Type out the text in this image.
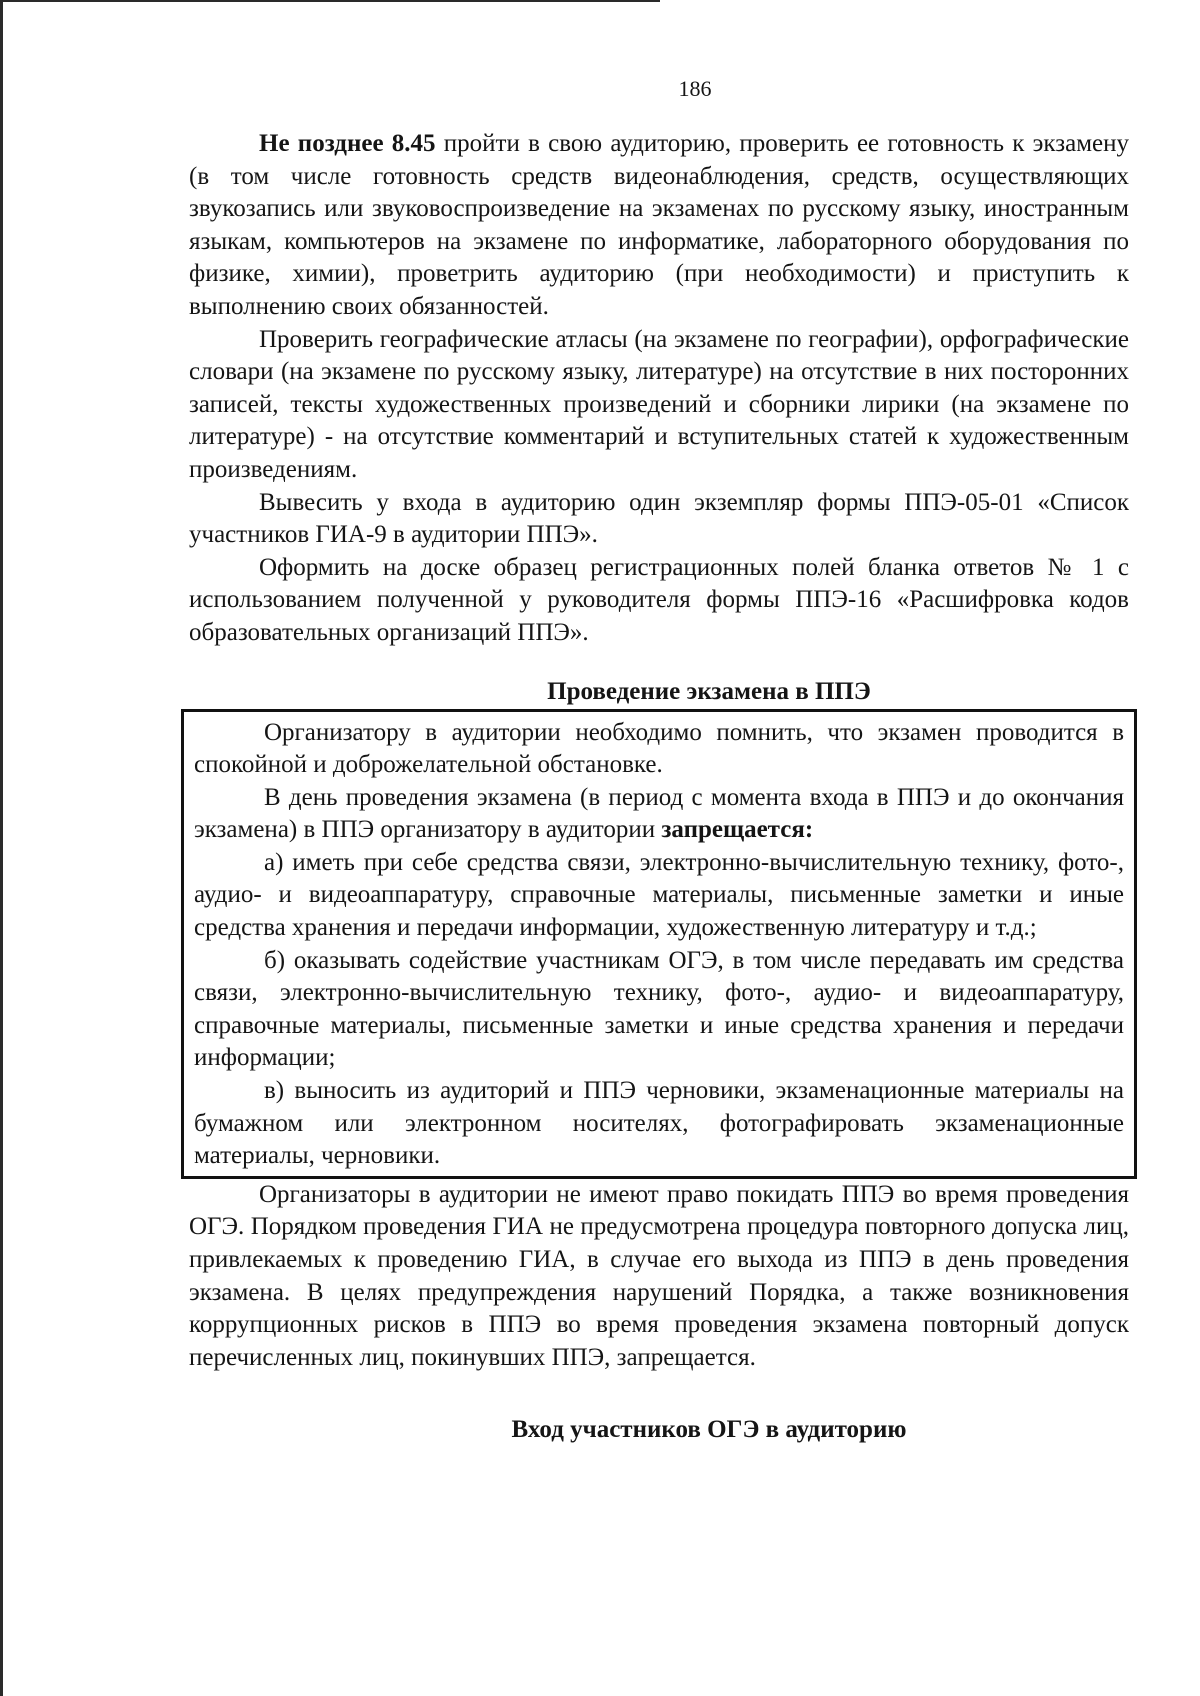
186

Не позднее 8.45 пройти в свою аудиторию, проверить ее готовность к экзамену (в том числе готовность средств видеонаблюдения, средств, осуществляющих звукозапись или звуковоспроизведение на экзаменах по русскому языку, иностранным языкам, компьютеров на экзамене по информатике, лабораторного оборудования по физике, химии), проветрить аудиторию (при необходимости) и приступить к выполнению своих обязанностей.

Проверить географические атласы (на экзамене по географии), орфографические словари (на экзамене по русскому языку, литературе) на отсутствие в них посторонних записей, тексты художественных произведений и сборники лирики (на экзамене по литературе) - на отсутствие комментарий и вступительных статей к художественным произведениям.

Вывесить у входа в аудиторию один экземпляр формы ППЭ-05-01 «Список участников ГИА-9 в аудитории ППЭ».

Оформить на доске образец регистрационных полей бланка ответов № 1 с использованием полученной у руководителя формы ППЭ-16 «Расшифровка кодов образовательных организаций ППЭ».

Проведение экзамена в ППЭ

Организатору в аудитории необходимо помнить, что экзамен проводится в спокойной и доброжелательной обстановке.

В день проведения экзамена (в период с момента входа в ППЭ и до окончания экзамена) в ППЭ организатору в аудитории запрещается:

а) иметь при себе средства связи, электронно-вычислительную технику, фото-, аудио- и видеоаппаратуру, справочные материалы, письменные заметки и иные средства хранения и передачи информации, художественную литературу и т.д.;

б) оказывать содействие участникам ОГЭ, в том числе передавать им средства связи, электронно-вычислительную технику, фото-, аудио- и видеоаппаратуру, справочные материалы, письменные заметки и иные средства хранения и передачи информации;

в) выносить из аудиторий и ППЭ черновики, экзаменационные материалы на бумажном или электронном носителях, фотографировать экзаменационные материалы, черновики.

Организаторы в аудитории не имеют право покидать ППЭ во время проведения ОГЭ. Порядком проведения ГИА не предусмотрена процедура повторного допуска лиц, привлекаемых к проведению ГИА, в случае его выхода из ППЭ в день проведения экзамена. В целях предупреждения нарушений Порядка, а также возникновения коррупционных рисков в ППЭ во время проведения экзамена повторный допуск перечисленных лиц, покинувших ППЭ, запрещается.

Вход участников ОГЭ в аудиторию
